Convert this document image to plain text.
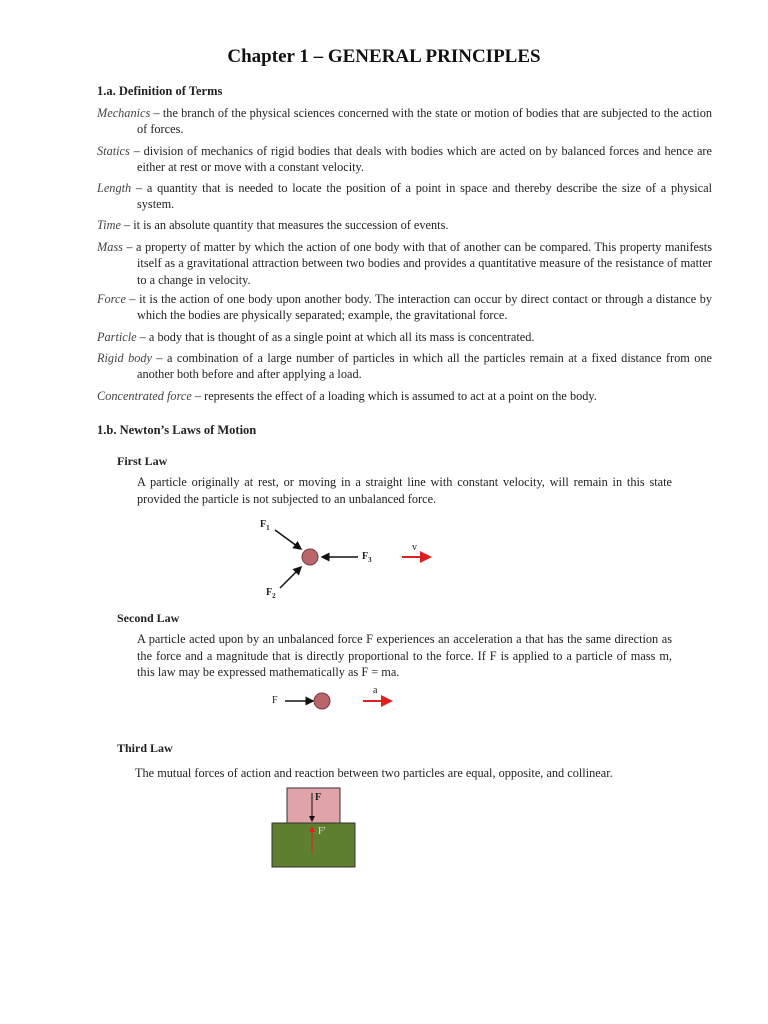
Chapter 1 – GENERAL PRINCIPLES
1.a. Definition of Terms
Mechanics – the branch of the physical sciences concerned with the state or motion of bodies that are subjected to the action of forces.
Statics – division of mechanics of rigid bodies that deals with bodies which are acted on by balanced forces and hence are either at rest or move with a constant velocity.
Length – a quantity that is needed to locate the position of a point in space and thereby describe the size of a physical system.
Time – it is an absolute quantity that measures the succession of events.
Mass – a property of matter by which the action of one body with that of another can be compared. This property manifests itself as a gravitational attraction between two bodies and provides a quantitative measure of the resistance of matter to a change in velocity.
Force – it is the action of one body upon another body. The interaction can occur by direct contact or through a distance by which the bodies are physically separated; example, the gravitational force.
Particle – a body that is thought of as a single point at which all its mass is concentrated.
Rigid body – a combination of a large number of particles in which all the particles remain at a fixed distance from one another both before and after applying a load.
Concentrated force – represents the effect of a loading which is assumed to act at a point on the body.
1.b. Newton’s Laws of Motion
First Law
A particle originally at rest, or moving in a straight line with constant velocity, will remain in this state provided the particle is not subjected to an unbalanced force.
$F_1$
$F_2$
$F_3$
v
Second Law
A particle acted upon by an unbalanced force F experiences an acceleration a that has the same direction as the force and a magnitude that is directly proportional to the force. If F is applied to a particle of mass m, this law may be expressed mathematically as F = ma.
F
a
Third Law
The mutual forces of action and reaction between two particles are equal, opposite, and collinear.
F
F'
